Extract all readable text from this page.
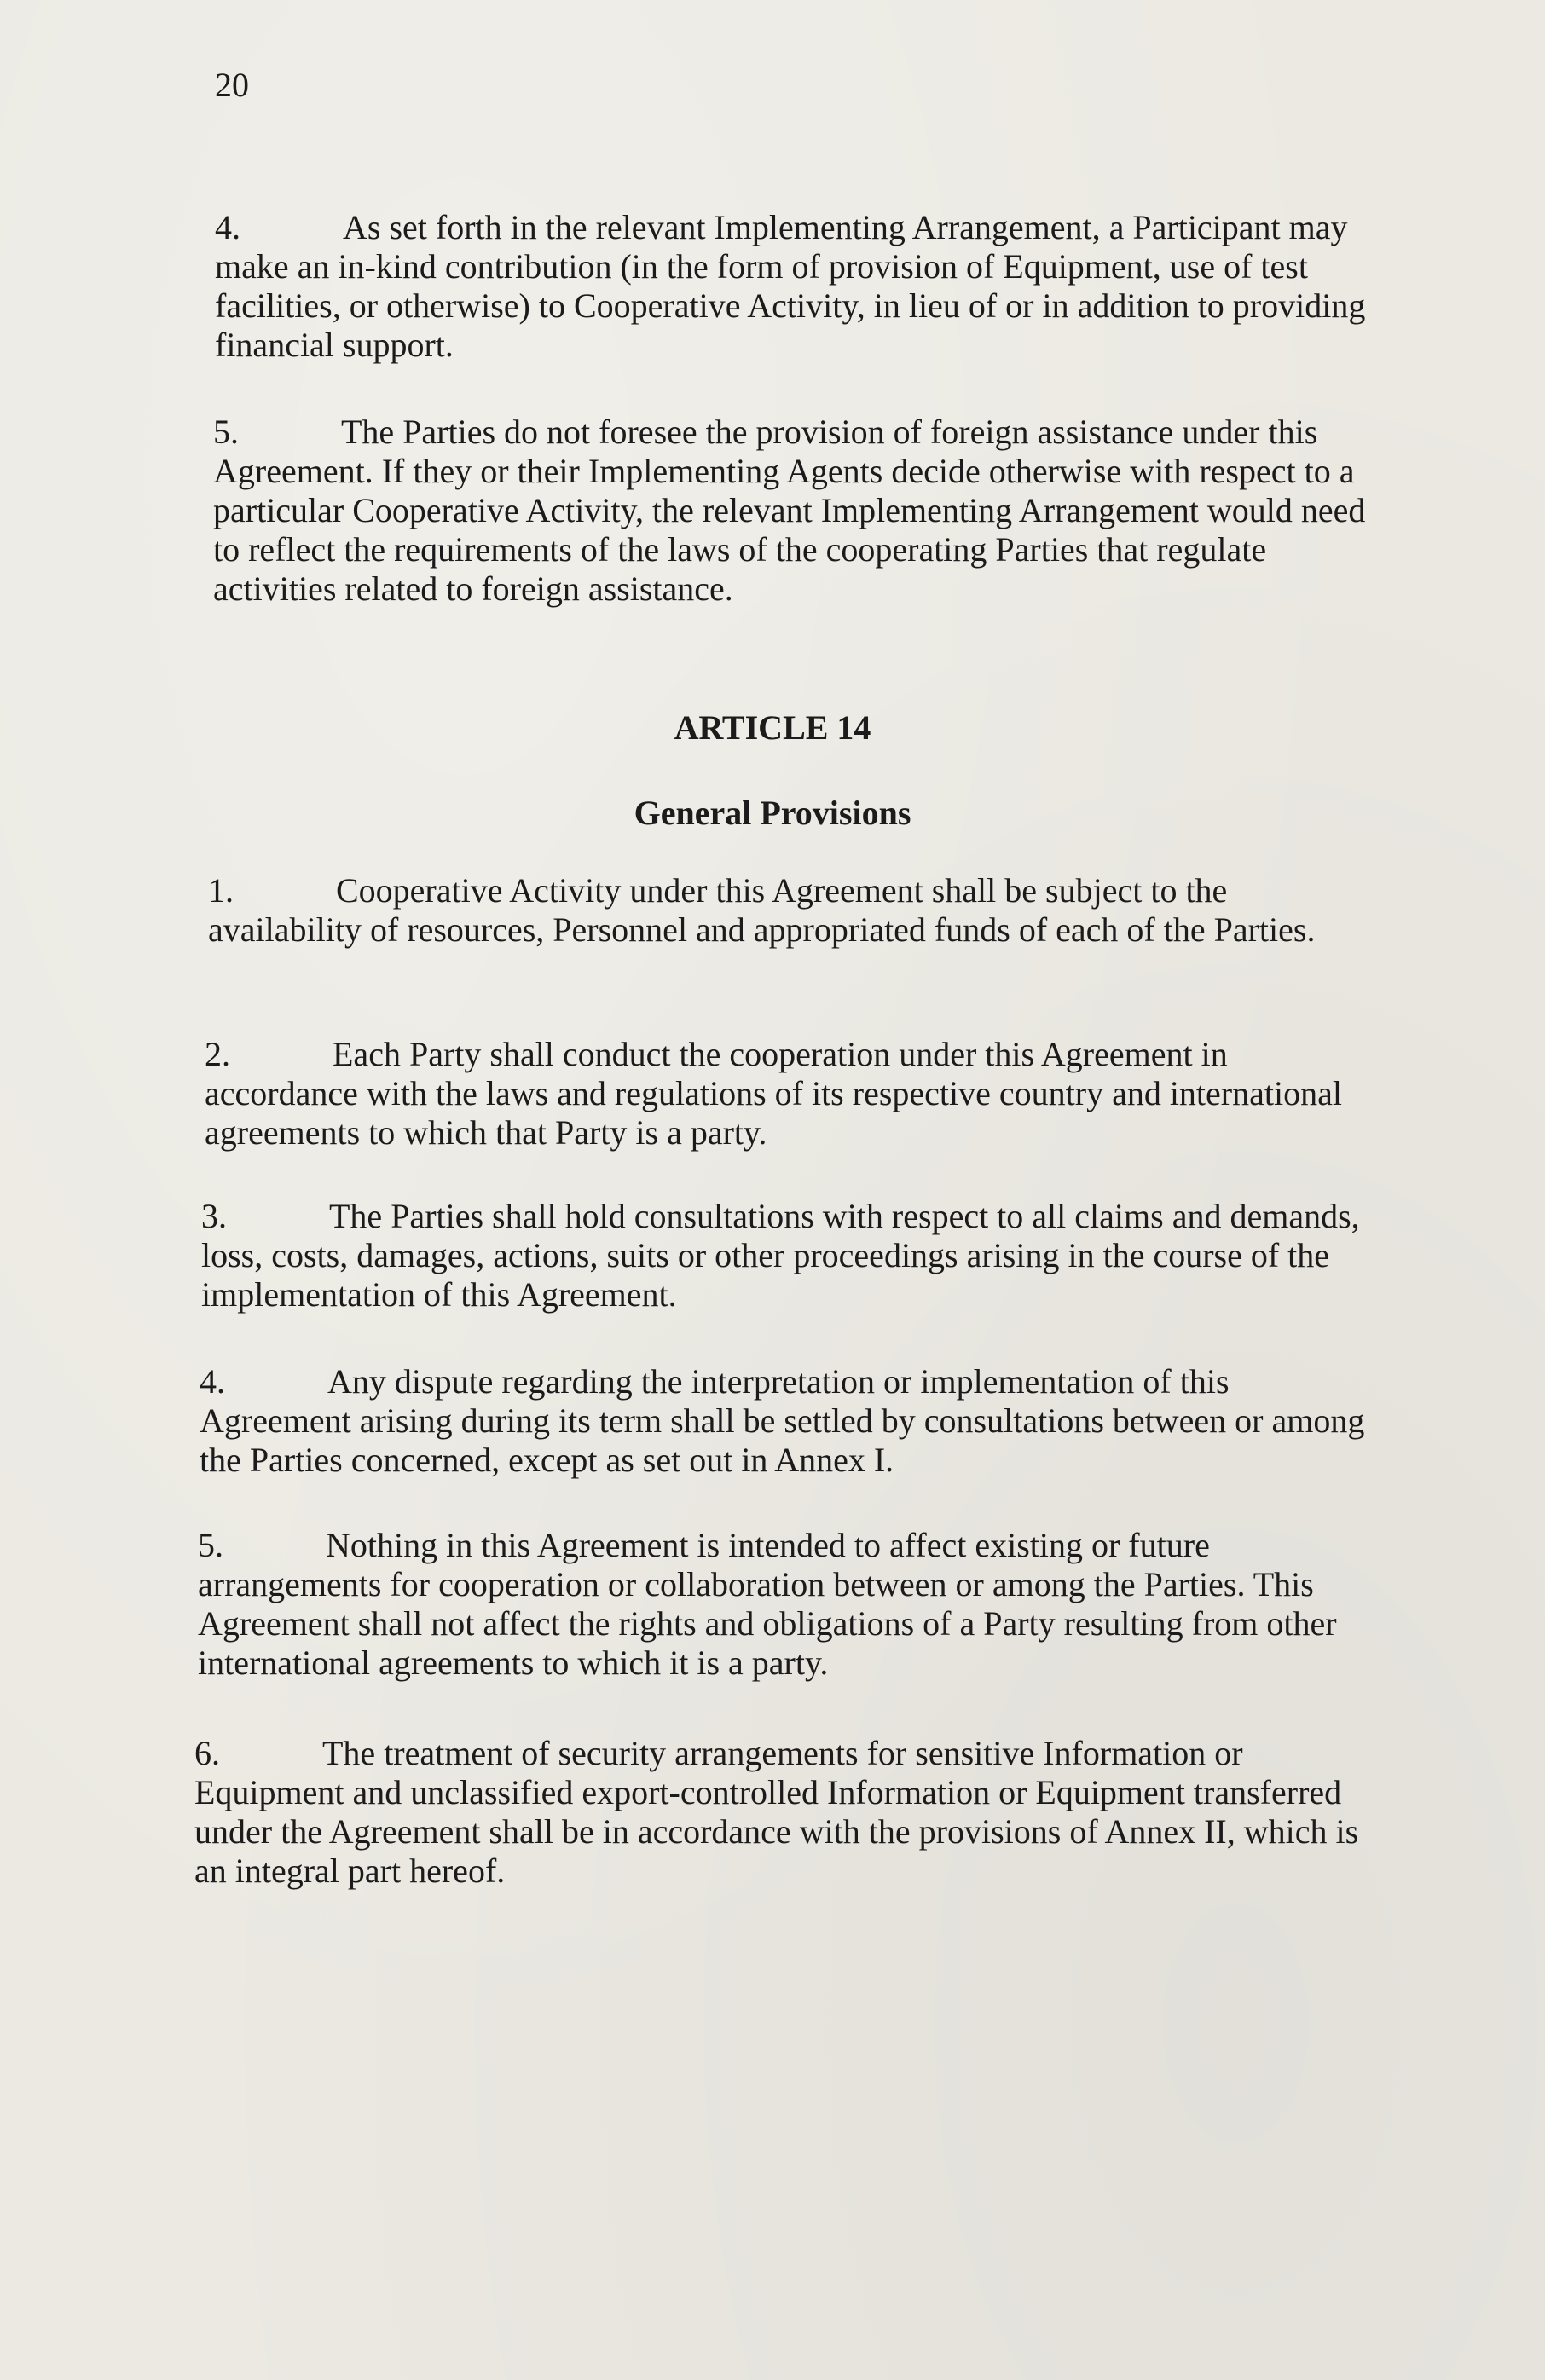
20

4.	As set forth in the relevant Implementing Arrangement, a Participant may make an in-kind contribution (in the form of provision of Equipment, use of test facilities, or otherwise) to Cooperative Activity, in lieu of or in addition to providing financial support.

5.	The Parties do not foresee the provision of foreign assistance under this Agreement. If they or their Implementing Agents decide otherwise with respect to a particular Cooperative Activity, the relevant Implementing Arrangement would need to reflect the requirements of the laws of the cooperating Parties that regulate activities related to foreign assistance.

ARTICLE 14
General Provisions

1.	Cooperative Activity under this Agreement shall be subject to the availability of resources, Personnel and appropriated funds of each of the Parties.

2.	Each Party shall conduct the cooperation under this Agreement in accordance with the laws and regulations of its respective country and international agreements to which that Party is a party.

3.	The Parties shall hold consultations with respect to all claims and demands, loss, costs, damages, actions, suits or other proceedings arising in the course of the implementation of this Agreement.

4.	Any dispute regarding the interpretation or implementation of this Agreement arising during its term shall be settled by consultations between or among the Parties concerned, except as set out in Annex I.

5.	Nothing in this Agreement is intended to affect existing or future arrangements for cooperation or collaboration between or among the Parties. This Agreement shall not affect the rights and obligations of a Party resulting from other international agreements to which it is a party.

6.	The treatment of security arrangements for sensitive Information or Equipment and unclassified export-controlled Information or Equipment transferred under the Agreement shall be in accordance with the provisions of Annex II, which is an integral part hereof.
